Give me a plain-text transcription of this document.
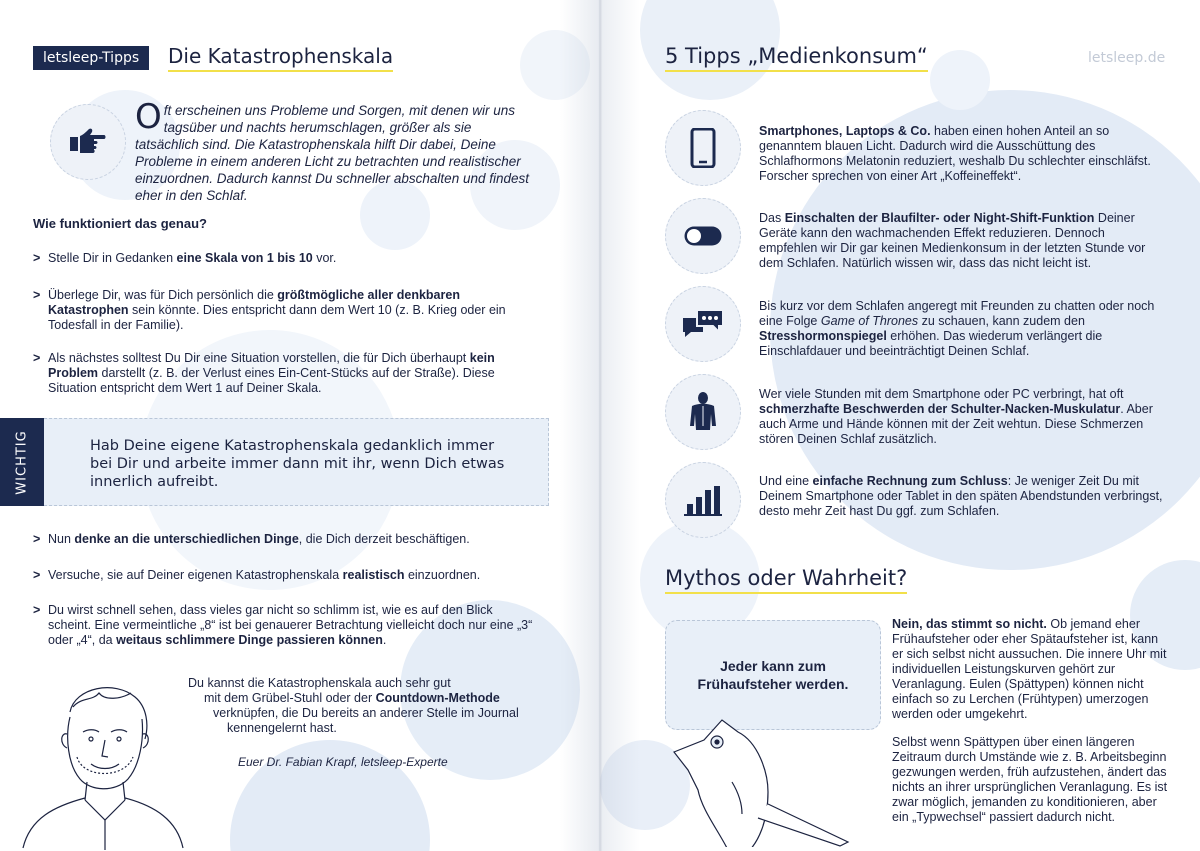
letsleep-Tipps	Die Katastrophenskala
Oft erscheinen uns Probleme und Sorgen, mit denen wir uns tagsüber und nachts herumschlagen, größer als sie tatsächlich sind. Die Katastrophenskala hilft Dir dabei, Deine Probleme in einem anderen Licht zu betrachten und realistischer einzuordnen. Dadurch kannst Du schneller abschalten und findest eher in den Schlaf.
Wie funktioniert das genau?
> Stelle Dir in Gedanken eine Skala von 1 bis 10 vor.
> Überlege Dir, was für Dich persönlich die größtmögliche aller denkbaren Katastrophen sein könnte. Dies entspricht dann dem Wert 10 (z. B. Krieg oder ein Todesfall in der Familie).
> Als nächstes solltest Du Dir eine Situation vorstellen, die für Dich überhaupt kein Problem darstellt (z. B. der Verlust eines Ein-Cent-Stücks auf der Straße). Diese Situation entspricht dem Wert 1 auf Deiner Skala.
WICHTIG	Hab Deine eigene Katastrophenskala gedanklich immer bei Dir und arbeite immer dann mit ihr, wenn Dich etwas innerlich aufreibt.
> Nun denke an die unterschiedlichen Dinge, die Dich derzeit beschäftigen.
> Versuche, sie auf Deiner eigenen Katastrophenskala realistisch einzuordnen.
> Du wirst schnell sehen, dass vieles gar nicht so schlimm ist, wie es auf den Blick scheint. Eine vermeintliche „8“ ist bei genauerer Betrachtung vielleicht doch nur eine „3“ oder „4“, da weitaus schlimmere Dinge passieren können.
Du kannst die Katastrophenskala auch sehr gut
mit dem Grübel-Stuhl oder der Countdown-Methode
verknüpfen, die Du bereits an anderer Stelle im Journal
kennengelernt hast.
Euer Dr. Fabian Krapf, letsleep-Experte
5 Tipps „Medienkonsum“	letsleep.de
Smartphones, Laptops & Co. haben einen hohen Anteil an so genanntem blauen Licht. Dadurch wird die Ausschüttung des Schlafhormons Melatonin reduziert, weshalb Du schlechter einschläfst. Forscher sprechen von einer Art „Koffeineffekt“.
Das Einschalten der Blaufilter- oder Night-Shift-Funktion Deiner Geräte kann den wachmachenden Effekt reduzieren. Dennoch empfehlen wir Dir gar keinen Medienkonsum in der letzten Stunde vor dem Schlafen. Natürlich wissen wir, dass das nicht leicht ist.
Bis kurz vor dem Schlafen angeregt mit Freunden zu chatten oder noch eine Folge Game of Thrones zu schauen, kann zudem den Stresshormonspiegel erhöhen. Das wiederum verlängert die Einschlafdauer und beeinträchtigt Deinen Schlaf.
Wer viele Stunden mit dem Smartphone oder PC verbringt, hat oft schmerzhafte Beschwerden der Schulter-Nacken-Muskulatur. Aber auch Arme und Hände können mit der Zeit wehtun. Diese Schmerzen stören Deinen Schlaf zusätzlich.
Und eine einfache Rechnung zum Schluss: Je weniger Zeit Du mit Deinem Smartphone oder Tablet in den späten Abendstunden verbringst, desto mehr Zeit hast Du ggf. zum Schlafen.
Mythos oder Wahrheit?
Jeder kann zum Frühaufsteher werden.
Nein, das stimmt so nicht. Ob jemand eher Frühaufsteher oder eher Spätaufsteher ist, kann er sich selbst nicht aussuchen. Die innere Uhr mit individuellen Leistungskurven gehört zur Veranlagung. Eulen (Spättypen) können nicht einfach so zu Lerchen (Frühtypen) umerzogen werden oder umgekehrt.
Selbst wenn Spättypen über einen längeren Zeitraum durch Umstände wie z. B. Arbeitsbeginn gezwungen werden, früh aufzustehen, ändert das nichts an ihrer ursprünglichen Veranlagung. Es ist zwar möglich, jemanden zu konditionieren, aber ein „Typwechsel“ passiert dadurch nicht.
